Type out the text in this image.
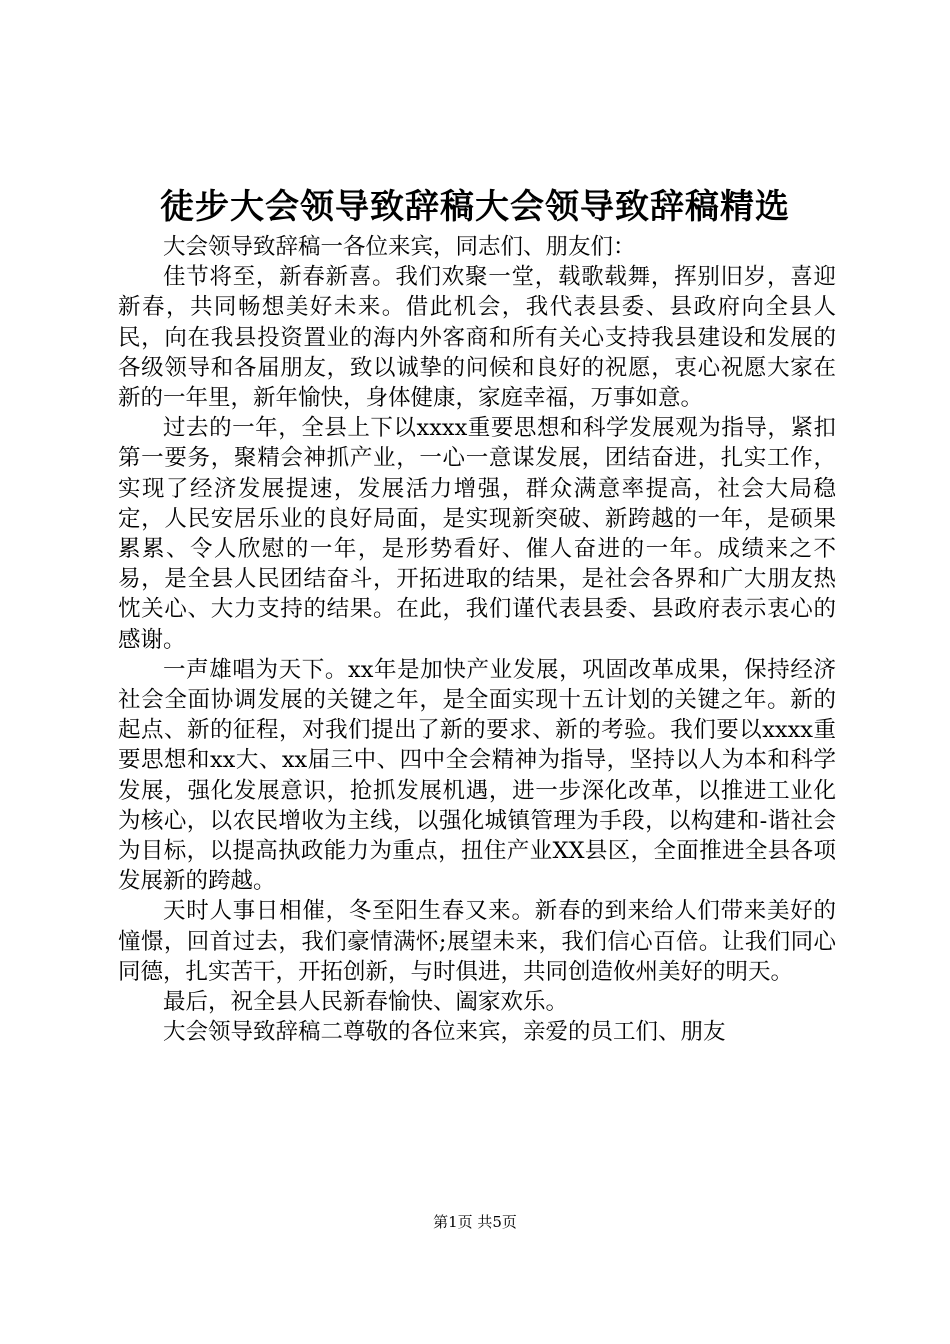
徒步大会领导致辞稿大会领导致辞稿精选

大会领导致辞稿一各位来宾，同志们、朋友们：

佳节将至，新春新喜。我们欢聚一堂，载歌载舞，挥别旧岁，喜迎新春，共同畅想美好未来。借此机会，我代表县委、县政府向全县人民，向在我县投资置业的海内外客商和所有关心支持我县建设和发展的各级领导和各届朋友，致以诚挚的问候和良好的祝愿，衷心祝愿大家在新的一年里，新年愉快，身体健康，家庭幸福，万事如意。

过去的一年，全县上下以xxxx重要思想和科学发展观为指导，紧扣第一要务，聚精会神抓产业，一心一意谋发展，团结奋进，扎实工作，实现了经济发展提速，发展活力增强，群众满意率提高，社会大局稳定，人民安居乐业的良好局面，是实现新突破、新跨越的一年，是硕果累累、令人欣慰的一年，是形势看好、催人奋进的一年。成绩来之不易，是全县人民团结奋斗，开拓进取的结果，是社会各界和广大朋友热忱关心、大力支持的结果。在此，我们谨代表县委、县政府表示衷心的感谢。

一声雄唱为天下。xx年是加快产业发展，巩固改革成果，保持经济社会全面协调发展的关键之年，是全面实现十五计划的关键之年。新的起点、新的征程，对我们提出了新的要求、新的考验。我们要以xxxx重要思想和xx大、xx届三中、四中全会精神为指导，坚持以人为本和科学发展，强化发展意识，抢抓发展机遇，进一步深化改革，以推进工业化为核心，以农民增收为主线，以强化城镇管理为手段，以构建和-谐社会为目标，以提高执政能力为重点，扭住产业XX县区，全面推进全县各项发展新的跨越。

天时人事日相催，冬至阳生春又来。新春的到来给人们带来美好的憧憬，回首过去，我们豪情满怀;展望未来，我们信心百倍。让我们同心同德，扎实苦干，开拓创新，与时俱进，共同创造攸州美好的明天。

最后，祝全县人民新春愉快、阖家欢乐。

大会领导致辞稿二尊敬的各位来宾，亲爱的员工们、朋友

第1页 共5页
